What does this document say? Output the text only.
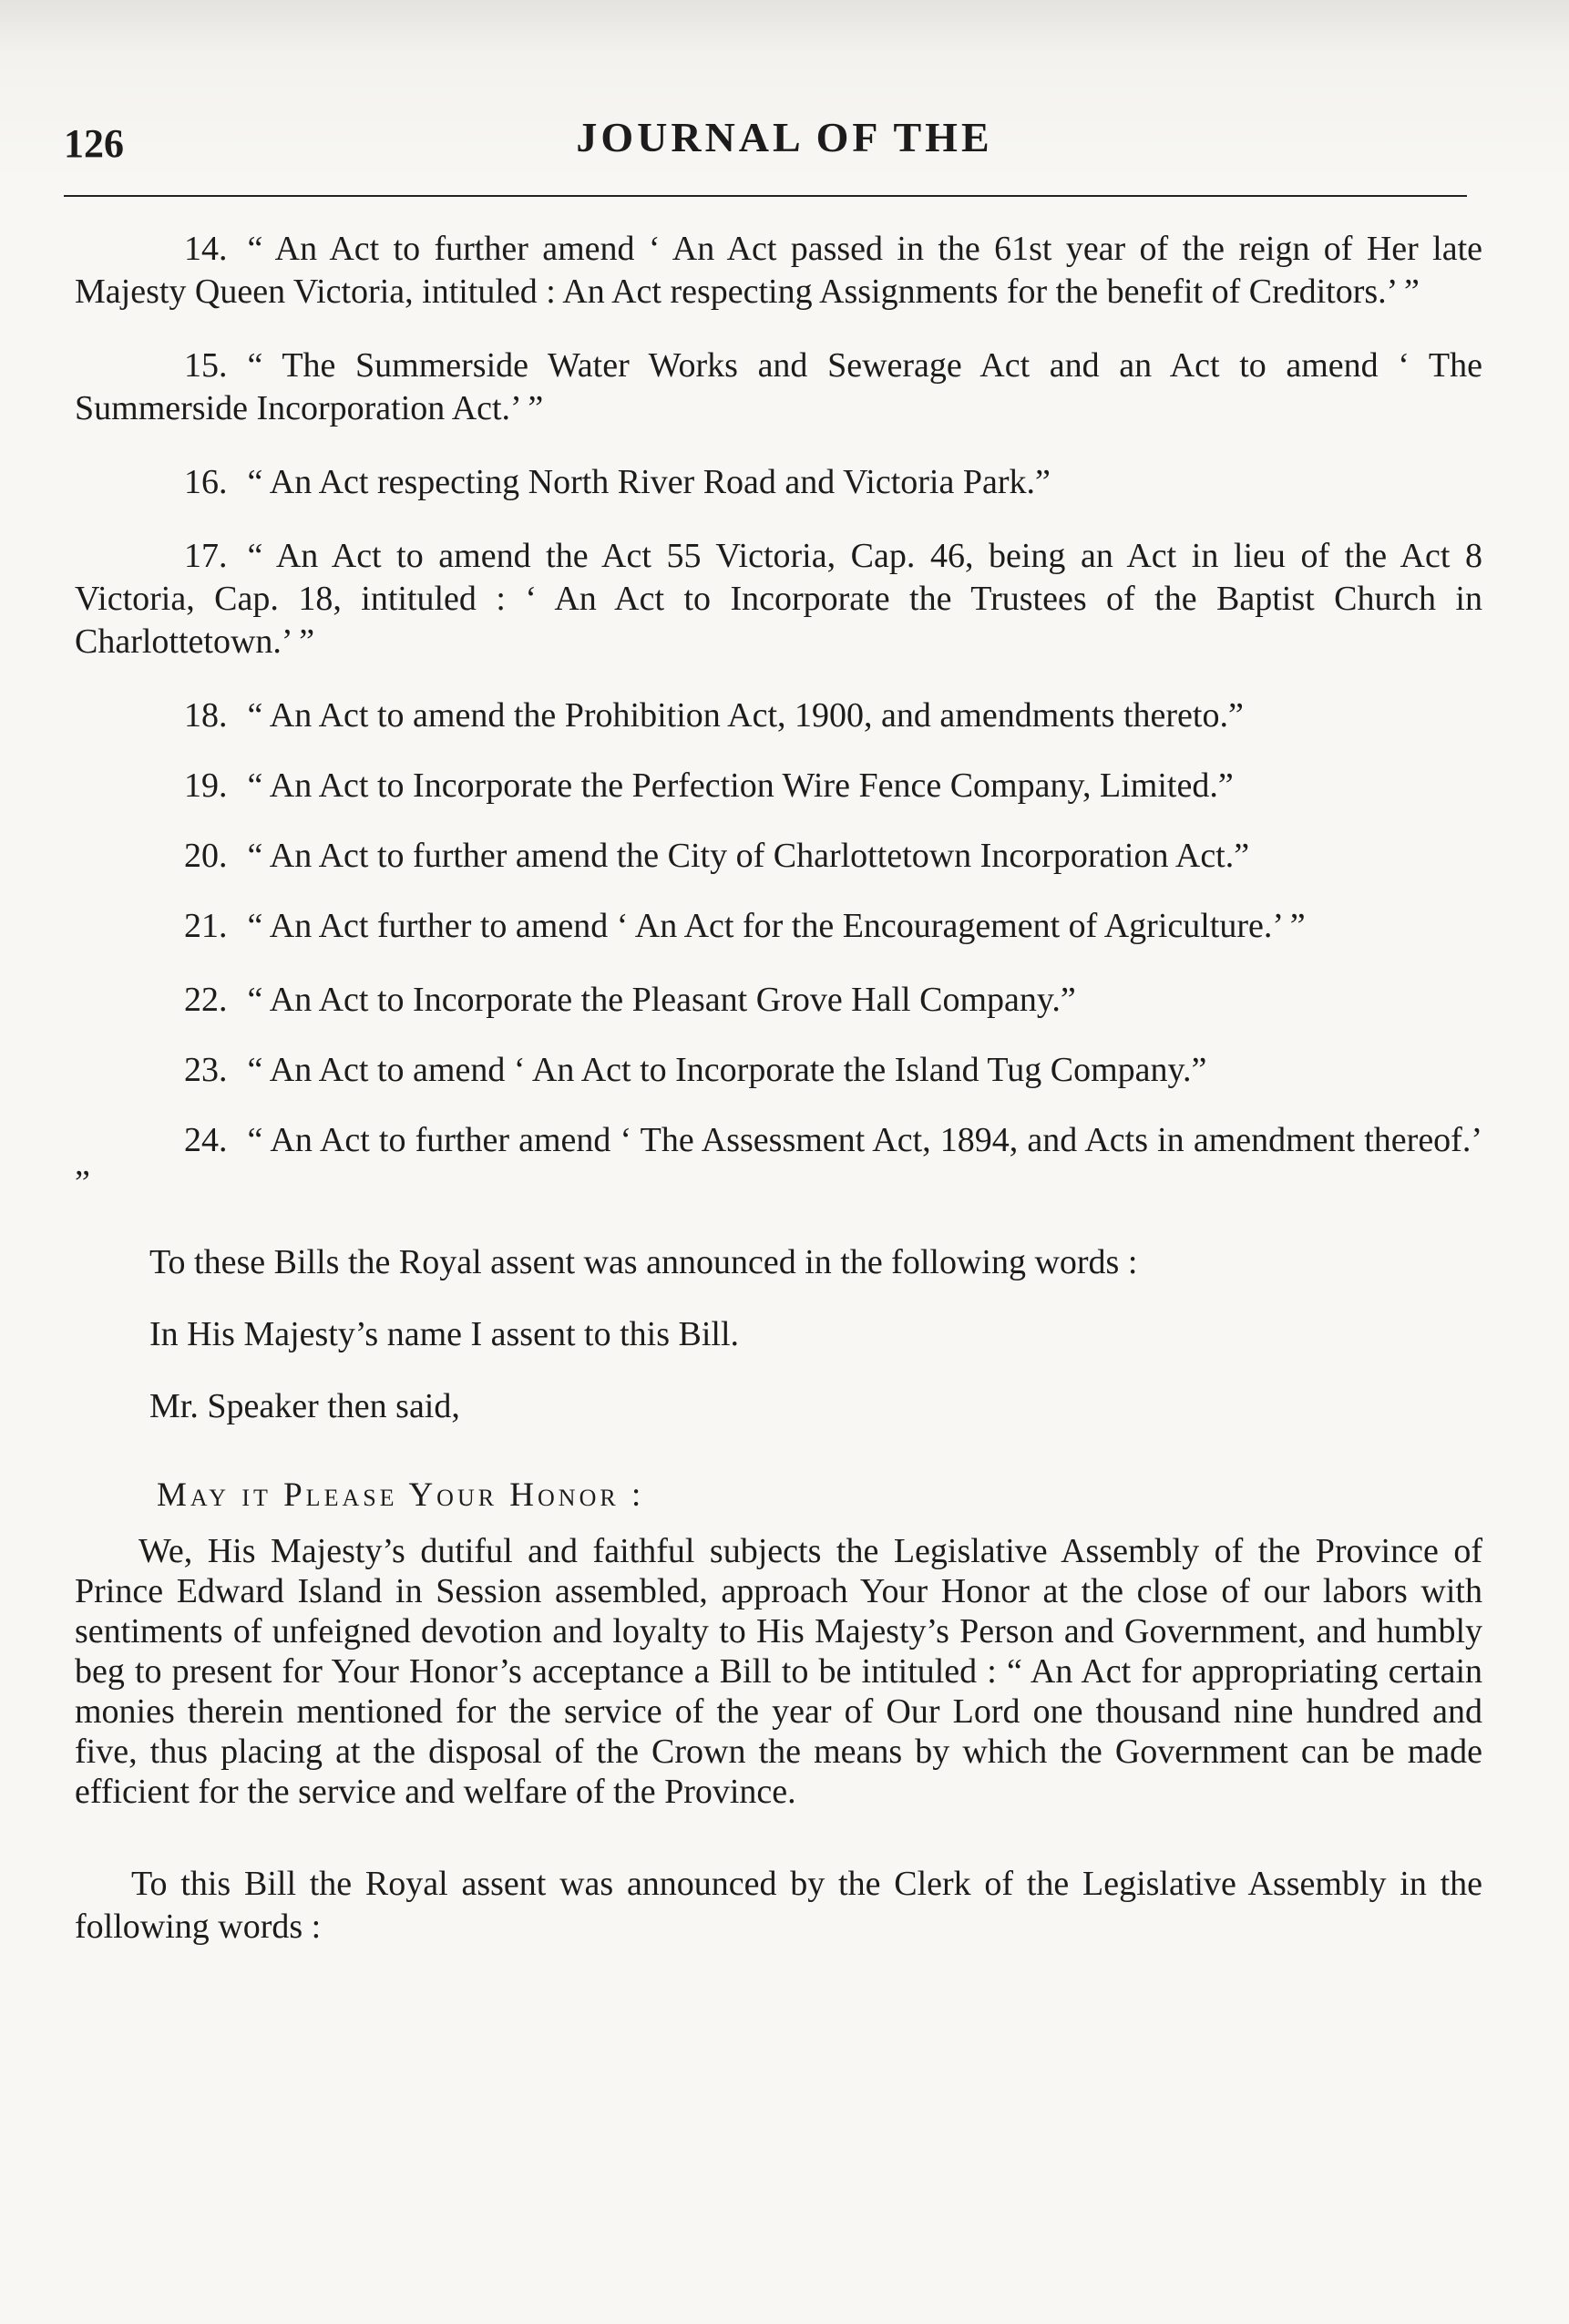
126	JOURNAL OF THE
14. “ An Act to further amend ‘ An Act passed in the 61st year of the reign of Her late Majesty Queen Victoria, intituled : An Act respecting Assignments for the benefit of Creditors.’ ”
15. “ The Summerside Water Works and Sewerage Act and an Act to amend ‘ The Summerside Incorporation Act.’ ”
16. “ An Act respecting North River Road and Victoria Park.”
17. “ An Act to amend the Act 55 Victoria, Cap. 46, being an Act in lieu of the Act 8 Victoria, Cap. 18, intituled : ‘ An Act to Incorporate the Trustees of the Baptist Church in Charlottetown.’ ”
18. “ An Act to amend the Prohibition Act, 1900, and amendments thereto.”
19. “ An Act to Incorporate the Perfection Wire Fence Company, Limited.”
20. “ An Act to further amend the City of Charlottetown Incorporation Act.”
21. “ An Act further to amend ‘ An Act for the Encouragement of Agriculture.’ ”
22. “ An Act to Incorporate the Pleasant Grove Hall Company.”
23. “ An Act to amend ‘ An Act to Incorporate the Island Tug Company.”
24. “ An Act to further amend ‘ The Assessment Act, 1894, and Acts in amendment thereof.’ ”

To these Bills the Royal assent was announced in the following words :

In His Majesty’s name I assent to this Bill.

Mr. Speaker then said,

May it Please Your Honor :

We, His Majesty’s dutiful and faithful subjects the Legislative Assembly of the Province of Prince Edward Island in Session assembled, approach Your Honor at the close of our labors with sentiments of unfeigned devotion and loyalty to His Majesty’s Person and Government, and humbly beg to present for Your Honor’s acceptance a Bill to be intituled : “ An Act for appropriating certain monies therein mentioned for the service of the year of Our Lord one thousand nine hundred and five, thus placing at the disposal of the Crown the means by which the Government can be made efficient for the service and welfare of the Province.

To this Bill the Royal assent was announced by the Clerk of the Legislative Assembly in the following words :
